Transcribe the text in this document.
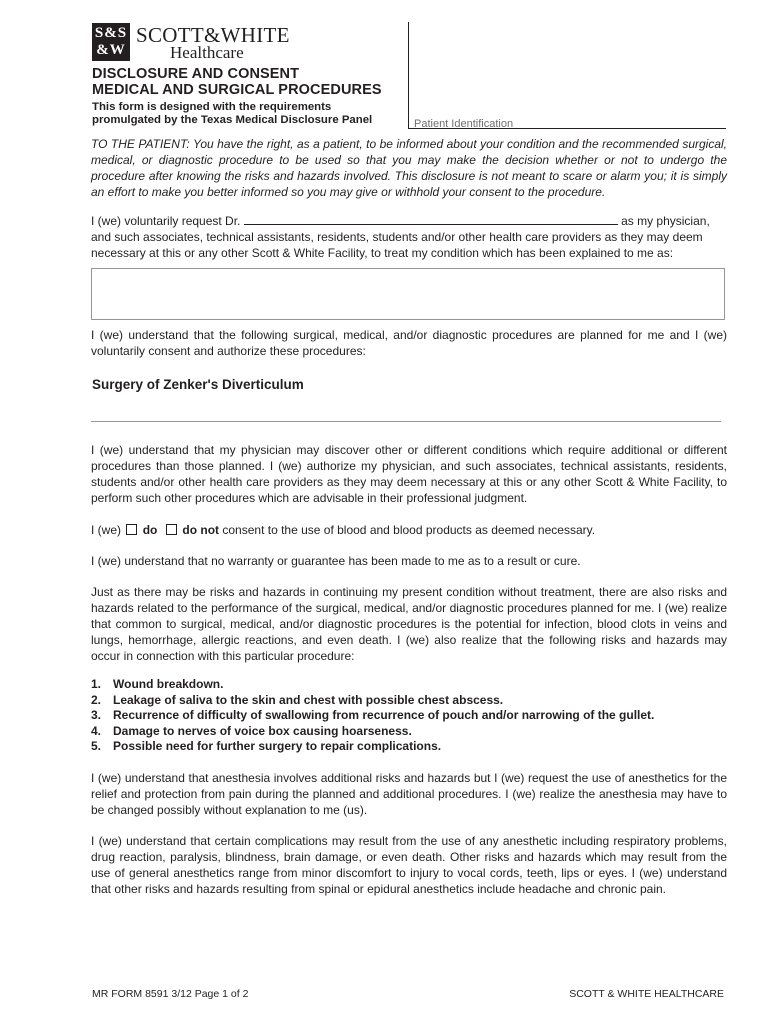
S&S
&W
SCOTT&WHITE
Healthcare
DISCLOSURE AND CONSENT
MEDICAL AND SURGICAL PROCEDURES
This form is designed with the requirements
promulgated by the Texas Medical Disclosure Panel	Patient Identification
TO THE PATIENT: You have the right, as a patient, to be informed about your condition and the recommended surgical, medical, or diagnostic procedure to be used so that you may make the decision whether or not to undergo the procedure after knowing the risks and hazards involved. This disclosure is not meant to scare or alarm you; it is simply an effort to make you better informed so you may give or withhold your consent to the procedure.
I (we) voluntarily request Dr.	as my physician,
and such associates, technical assistants, residents, students and/or other health care providers as they may deem
necessary at this or any other Scott & White Facility, to treat my condition which has been explained to me as:
I (we) understand that the following surgical, medical, and/or diagnostic procedures are planned for me and I (we) voluntarily consent and authorize these procedures:
Surgery of Zenker's Diverticulum
I (we) understand that my physician may discover other or different conditions which require additional or different procedures than those planned. I (we) authorize my physician, and such associates, technical assistants, residents, students and/or other health care providers as they may deem necessary at this or any other Scott & White Facility, to perform such other procedures which are advisable in their professional judgment.
I (we) do do not consent to the use of blood and blood products as deemed necessary.
I (we) understand that no warranty or guarantee has been made to me as to a result or cure.
Just as there may be risks and hazards in continuing my present condition without treatment, there are also risks and hazards related to the performance of the surgical, medical, and/or diagnostic procedures planned for me. I (we) realize that common to surgical, medical, and/or diagnostic procedures is the potential for infection, blood clots in veins and lungs, hemorrhage, allergic reactions, and even death. I (we) also realize that the following risks and hazards may occur in connection with this particular procedure:
1. Wound breakdown.
2. Leakage of saliva to the skin and chest with possible chest abscess.
3. Recurrence of difficulty of swallowing from recurrence of pouch and/or narrowing of the gullet.
4. Damage to nerves of voice box causing hoarseness.
5. Possible need for further surgery to repair complications.
I (we) understand that anesthesia involves additional risks and hazards but I (we) request the use of anesthetics for the relief and protection from pain during the planned and additional procedures. I (we) realize the anesthesia may have to be changed possibly without explanation to me (us).
I (we) understand that certain complications may result from the use of any anesthetic including respiratory problems, drug reaction, paralysis, blindness, brain damage, or even death. Other risks and hazards which may result from the use of general anesthetics range from minor discomfort to injury to vocal cords, teeth, lips or eyes. I (we) understand that other risks and hazards resulting from spinal or epidural anesthetics include headache and chronic pain.
MR FORM 8591 3/12 Page 1 of 2	SCOTT & WHITE HEALTHCARE
